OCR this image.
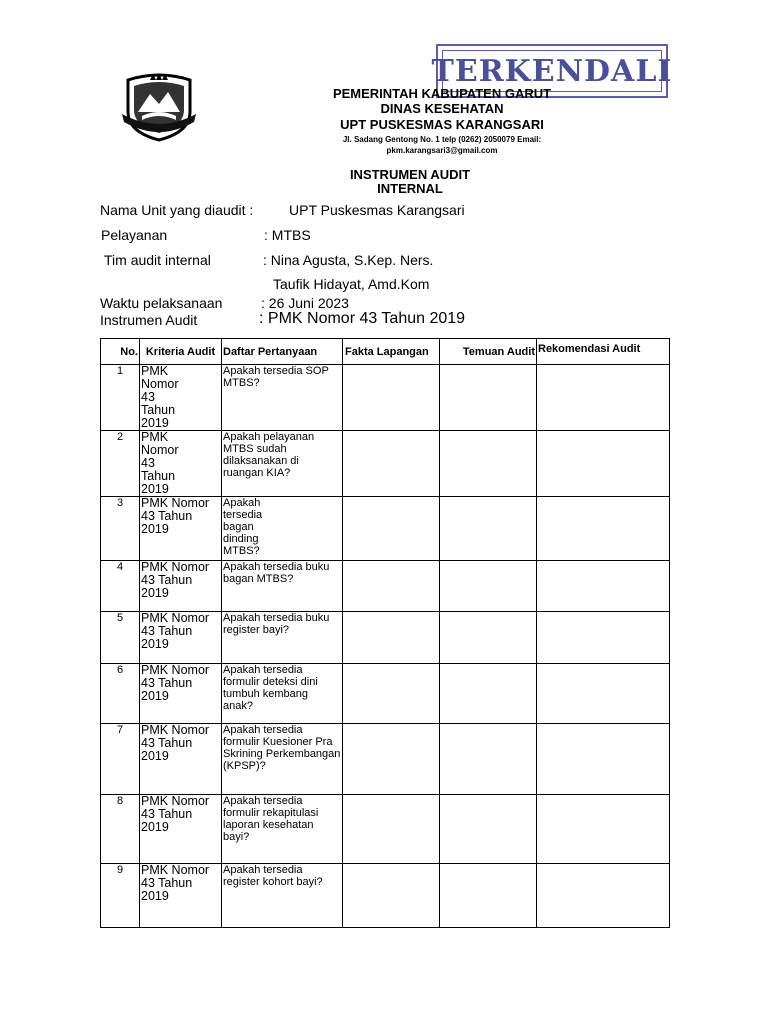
TERKENDALI
PEMERINTAH KABUPATEN GARUT
DINAS KESEHATAN
UPT PUSKESMAS KARANGSARI
Jl. Sadang Gentong No. 1 telp (0262) 2050079 Email:
pkm.karangsari3@gmail.com
INSTRUMEN AUDIT
INTERNAL
Nama Unit yang diaudit :	UPT Puskesmas Karangsari
Pelayanan	: MTBS
Tim audit internal	: Nina Agusta, S.Kep. Ners.
Taufik Hidayat, Amd.Kom
Waktu pelaksanaan	: 26 Juni 2023
Instrumen Audit	: PMK Nomor 43 Tahun 2019
No.	Kriteria Audit	Daftar Pertanyaan	Fakta Lapangan	Temuan Audit	Rekomendasi Audit
1	PMK Nomor 43 Tahun 2019	Apakah tersedia SOP MTBS?			
2	PMK Nomor 43 Tahun 2019	Apakah pelayanan MTBS sudah dilaksanakan di ruangan KIA?			
3	PMK Nomor 43 Tahun 2019	Apakah tersedia bagan dinding MTBS?			
4	PMK Nomor 43 Tahun 2019	Apakah tersedia buku bagan MTBS?			
5	PMK Nomor 43 Tahun 2019	Apakah tersedia buku register bayi?			
6	PMK Nomor 43 Tahun 2019	Apakah tersedia formulir deteksi dini tumbuh kembang anak?			
7	PMK Nomor 43 Tahun 2019	Apakah tersedia formulir Kuesioner Pra Skrining Perkembangan (KPSP)?			
8	PMK Nomor 43 Tahun 2019	Apakah tersedia formulir rekapitulasi laporan kesehatan bayi?			
9	PMK Nomor 43 Tahun 2019	Apakah tersedia register kohort bayi?			
